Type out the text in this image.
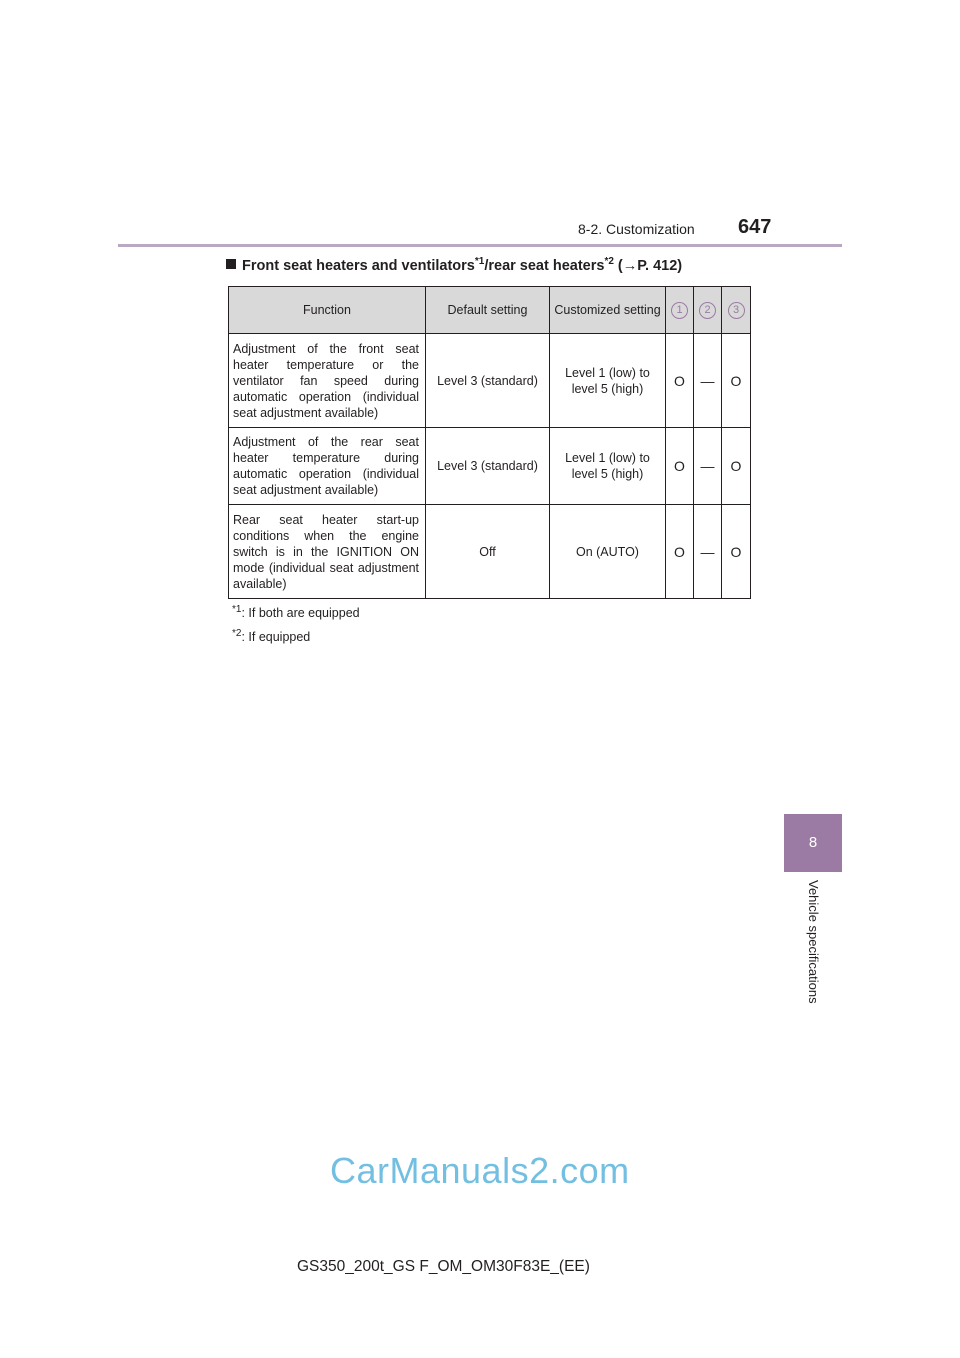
8-2. Customization 647
8
Vehicle specifications
Front seat heaters and ventilators$^{*1}$/rear seat heaters$^{*2}$ (→P. 412)
Function	Default setting	Customized setting	1	2	3
Adjustment of the front seat heater temperature or the ventilator fan speed during automatic operation (individual seat adjustment available)	Level 3 (standard)	Level 1 (low) to level 5 (high)	O	—	O
Adjustment of the rear seat heater temperature during automatic operation (individual seat adjustment available)	Level 3 (standard)	Level 1 (low) to level 5 (high)	O	—	O
Rear seat heater start-up conditions when the engine switch is in the IGNITION ON mode (individual seat adjustment available)	Off	On (AUTO)	O	—	O
$^{*1}$: If both are equipped
$^{*2}$: If equipped
CarManuals2.com
GS350_200t_GS F_OM_OM30F83E_(EE)
carmanualsonline.info
